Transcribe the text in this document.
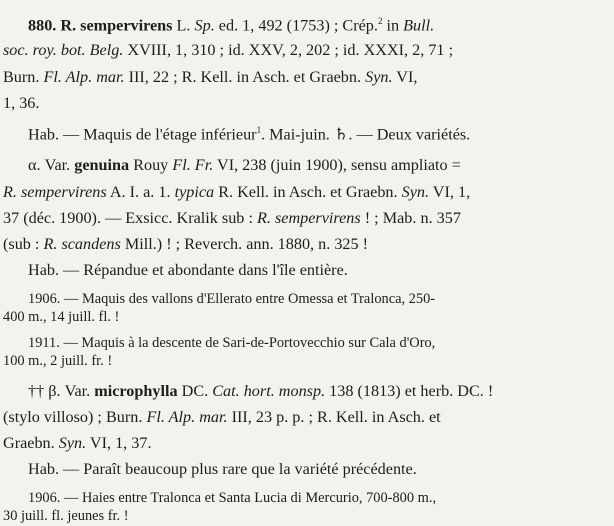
880. R. sempervirens L. Sp. ed. 1, 492 (1753) ; Crép.$^2$ in Bull.
soc. roy. bot. Belg. XVIII, 1, 310 ; id. XXV, 2, 202 ; id. XXXI, 2, 71 ;
Burn. Fl. Alp. mar. III, 22 ; R. Kell. in Asch. et Graebn. Syn. VI,
1, 36.
Hab. — Maquis de l'étage inférieur$^1$. Mai-juin. ♄. — Deux variétés.
α. Var. genuina Rouy Fl. Fr. VI, 238 (juin 1900), sensu ampliato =
R. sempervirens A. I. a. 1. typica R. Kell. in Asch. et Graebn. Syn. VI, 1,
37 (déc. 1900). — Exsicc. Kralik sub : R. sempervirens ! ; Mab. n. 357
(sub : R. scandens Mill.) ! ; Reverch. ann. 1880, n. 325 !
Hab. — Répandue et abondante dans l'île entière.
1906. — Maquis des vallons d'Ellerato entre Omessa et Tralonca, 250-
400 m., 14 juill. fl. !
1911. — Maquis à la descente de Sari-de-Portovecchio sur Cala d'Oro,
100 m., 2 juill. fr. !
†† β. Var. microphylla DC. Cat. hort. monsp. 138 (1813) et herb. DC. !
(stylo villoso) ; Burn. Fl. Alp. mar. III, 23 p. p. ; R. Kell. in Asch. et
Graebn. Syn. VI, 1, 37.
Hab. — Paraît beaucoup plus rare que la variété précédente.
1906. — Haies entre Tralonca et Santa Lucia di Mercurio, 700-800 m.,
30 juill. fl. jeunes fr. !
